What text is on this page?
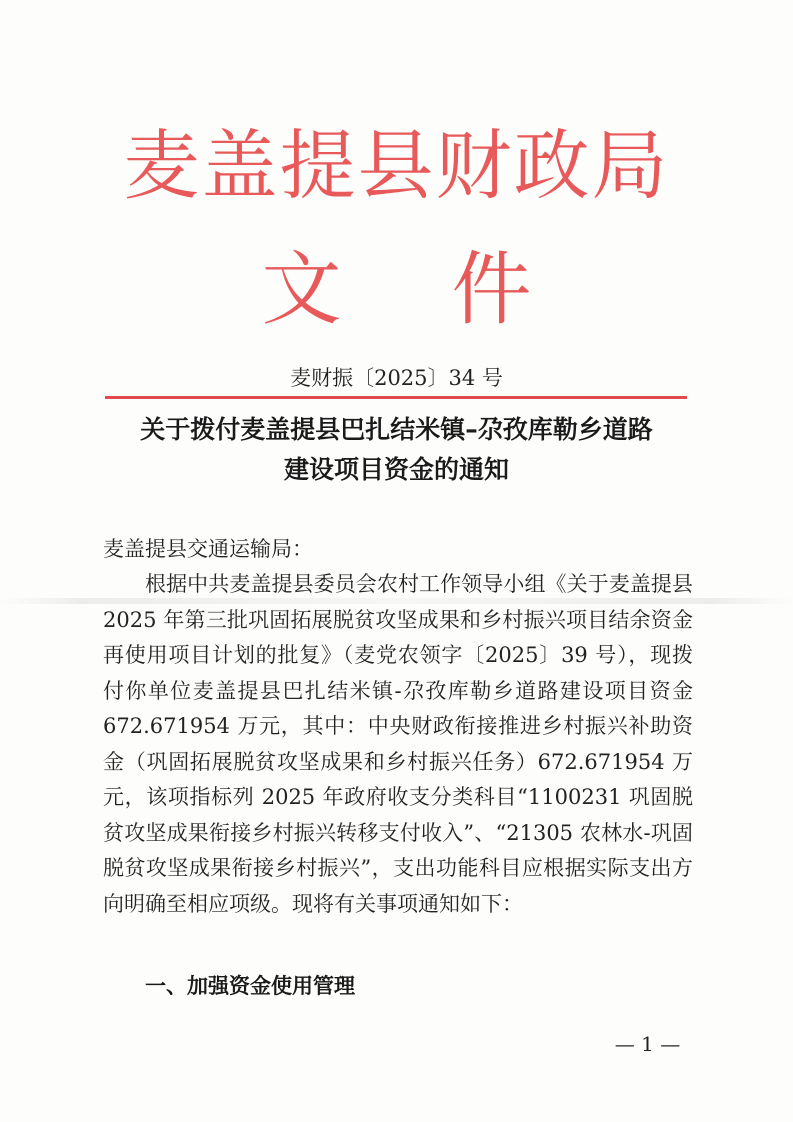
麦盖提县财政局
文件
麦财振〔2025〕34 号
关于拨付麦盖提县巴扎结米镇–尕孜库勒乡道路
建设项目资金的通知
麦盖提县交通运输局：
根据中共麦盖提县委员会农村工作领导小组《关于麦盖提县 2025 年第三批巩固拓展脱贫攻坚成果和乡村振兴项目结余资金再使用项目计划的批复》（麦党农领字〔2025〕39 号），现拨付你单位麦盖提县巴扎结米镇-尕孜库勒乡道路建设项目资金 672.671954 万元，其中：中央财政衔接推进乡村振兴补助资金（巩固拓展脱贫攻坚成果和乡村振兴任务）672.671954 万元，该项指标列 2025 年政府收支分类科目“1100231 巩固脱贫攻坚成果衔接乡村振兴转移支付收入”、“21305 农林水-巩固脱贫攻坚成果衔接乡村振兴”，支出功能科目应根据实际支出方向明确至相应项级。现将有关事项通知如下：
一、加强资金使用管理
— 1 —
